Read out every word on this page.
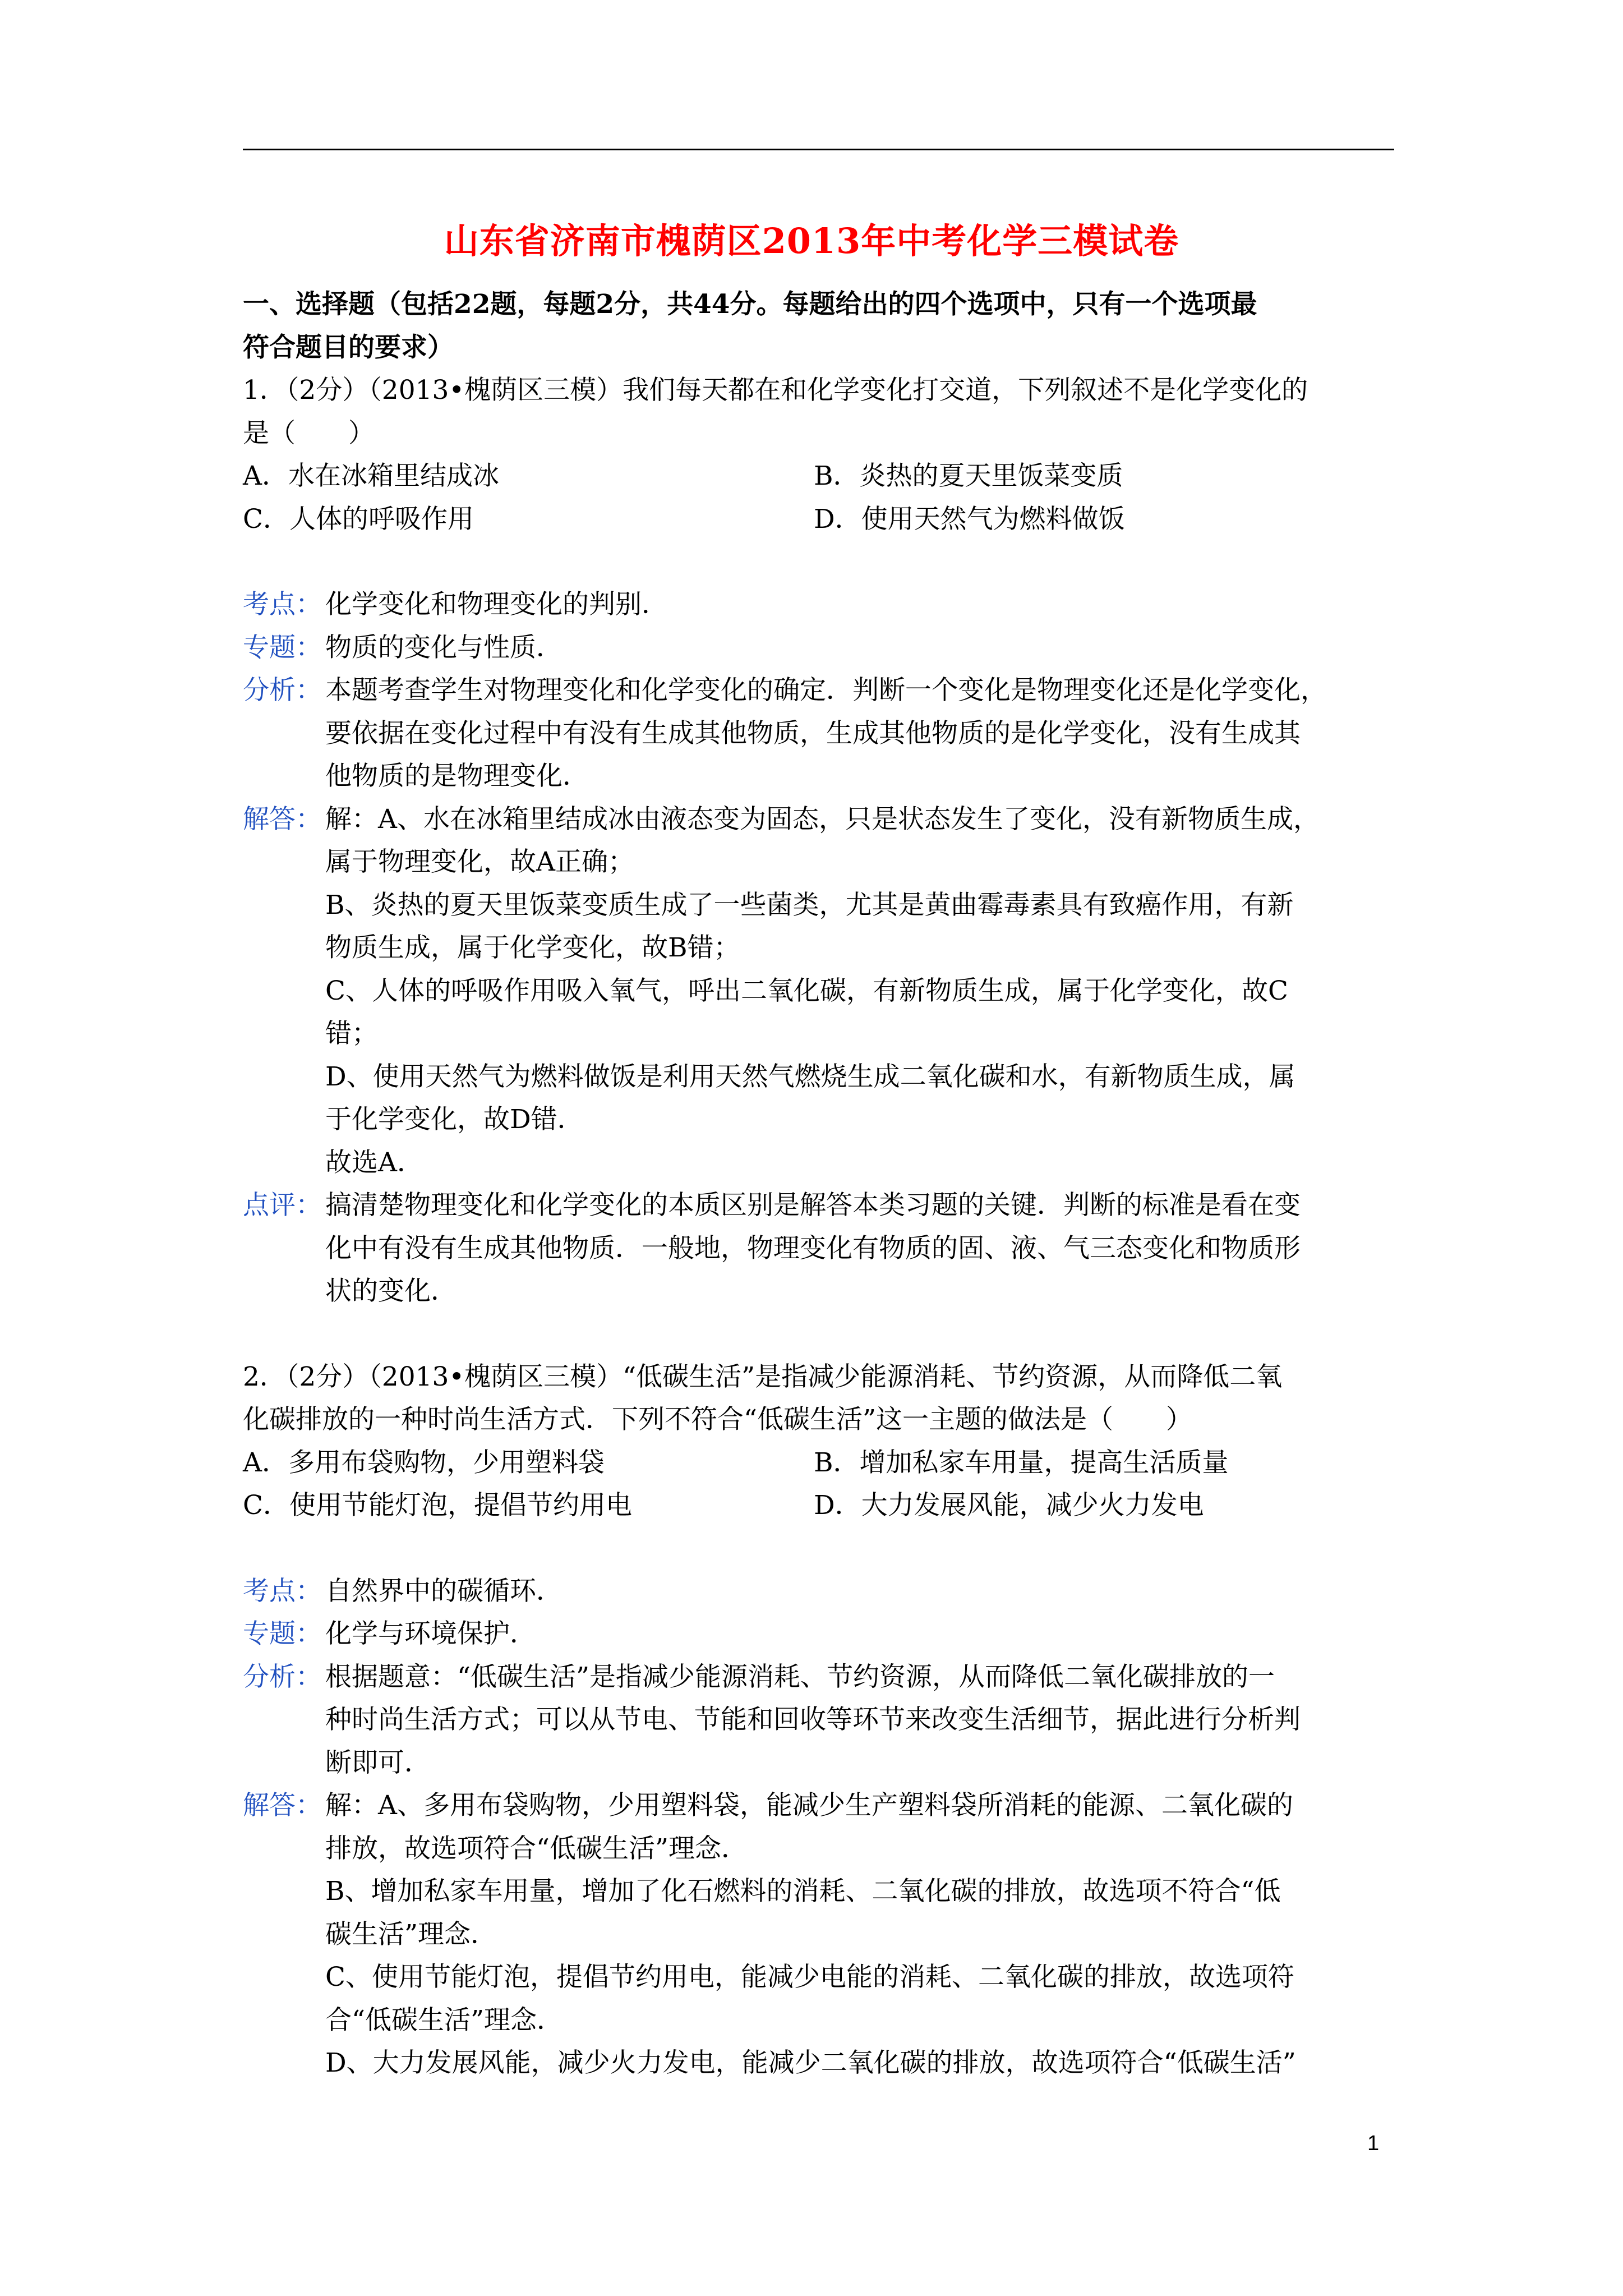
山东省济南市槐荫区2013年中考化学三模试卷
一、选择题（包括22题，每题2分，共44分。每题给出的四个选项中，只有一个选项最
符合题目的要求）
1．（2分）（2013•槐荫区三模）我们每天都在和化学变化打交道，下列叙述不是化学变化的
是（　　）
A．水在冰箱里结成冰	B．炎热的夏天里饭菜变质
C．人体的呼吸作用	D．使用天然气为燃料做饭
考点： 化学变化和物理变化的判别．
专题： 物质的变化与性质．
分析： 本题考查学生对物理变化和化学变化的确定．判断一个变化是物理变化还是化学变化，
要依据在变化过程中有没有生成其他物质，生成其他物质的是化学变化，没有生成其
他物质的是物理变化．
解答： 解：A、水在冰箱里结成冰由液态变为固态，只是状态发生了变化，没有新物质生成，
属于物理变化，故A正确；
B、炎热的夏天里饭菜变质生成了一些菌类，尤其是黄曲霉毒素具有致癌作用，有新
物质生成，属于化学变化，故B错；
C、人体的呼吸作用吸入氧气，呼出二氧化碳，有新物质生成，属于化学变化，故C
错；
D、使用天然气为燃料做饭是利用天然气燃烧生成二氧化碳和水，有新物质生成，属
于化学变化，故D错．
故选A．
点评： 搞清楚物理变化和化学变化的本质区别是解答本类习题的关键．判断的标准是看在变
化中有没有生成其他物质．一般地，物理变化有物质的固、液、气三态变化和物质形
状的变化．
2．（2分）（2013•槐荫区三模）“低碳生活”是指减少能源消耗、节约资源，从而降低二氧
化碳排放的一种时尚生活方式．下列不符合“低碳生活”这一主题的做法是（　　）
A．多用布袋购物，少用塑料袋	B．增加私家车用量，提高生活质量
C．使用节能灯泡，提倡节约用电	D．大力发展风能，减少火力发电
考点： 自然界中的碳循环．
专题： 化学与环境保护．
分析： 根据题意：“低碳生活”是指减少能源消耗、节约资源，从而降低二氧化碳排放的一
种时尚生活方式；可以从节电、节能和回收等环节来改变生活细节，据此进行分析判
断即可．
解答： 解：A、多用布袋购物，少用塑料袋，能减少生产塑料袋所消耗的能源、二氧化碳的
排放，故选项符合“低碳生活”理念．
B、增加私家车用量，增加了化石燃料的消耗、二氧化碳的排放，故选项不符合“低
碳生活”理念．
C、使用节能灯泡，提倡节约用电，能减少电能的消耗、二氧化碳的排放，故选项符
合“低碳生活”理念．
D、大力发展风能，减少火力发电，能减少二氧化碳的排放，故选项符合“低碳生活”
1
